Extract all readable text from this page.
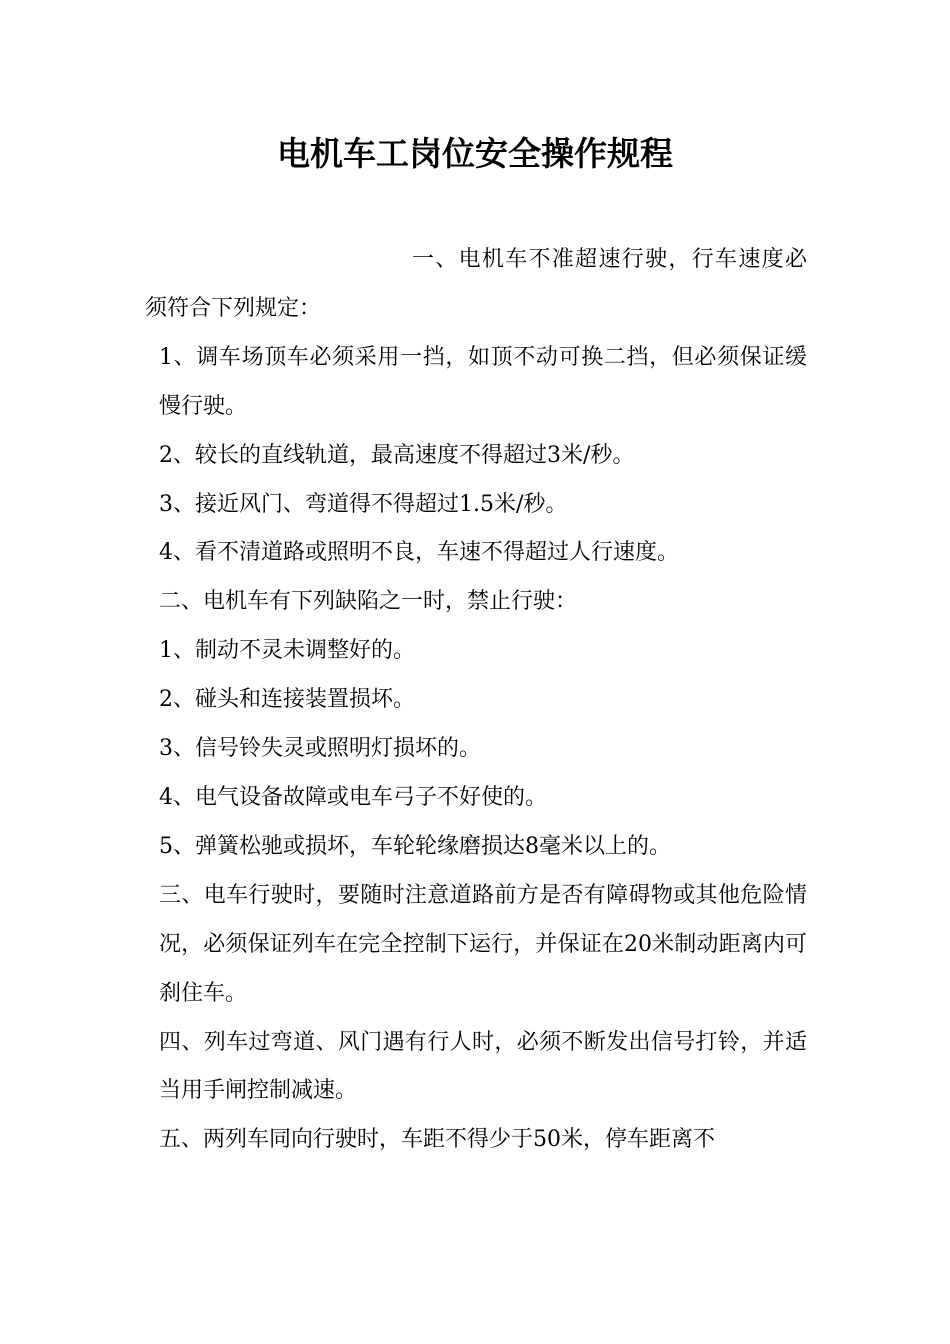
电机车工岗位安全操作规程

一、电机车不准超速行驶，行车速度必须符合下列规定：

1、调车场顶车必须采用一挡，如顶不动可换二挡，但必须保证缓慢行驶。

2、较长的直线轨道，最高速度不得超过3米/秒。

3、接近风门、弯道得不得超过1.5米/秒。

4、看不清道路或照明不良，车速不得超过人行速度。

二、电机车有下列缺陷之一时，禁止行驶：

1、制动不灵未调整好的。

2、碰头和连接装置损坏。

3、信号铃失灵或照明灯损坏的。

4、电气设备故障或电车弓子不好使的。

5、弹簧松驰或损坏，车轮轮缘磨损达8毫米以上的。

三、电车行驶时，要随时注意道路前方是否有障碍物或其他危险情况，必须保证列车在完全控制下运行，并保证在20米制动距离内可刹住车。

四、列车过弯道、风门遇有行人时，必须不断发出信号打铃，并适当用手闸控制减速。

五、两列车同向行驶时，车距不得少于50米，停车距离不
